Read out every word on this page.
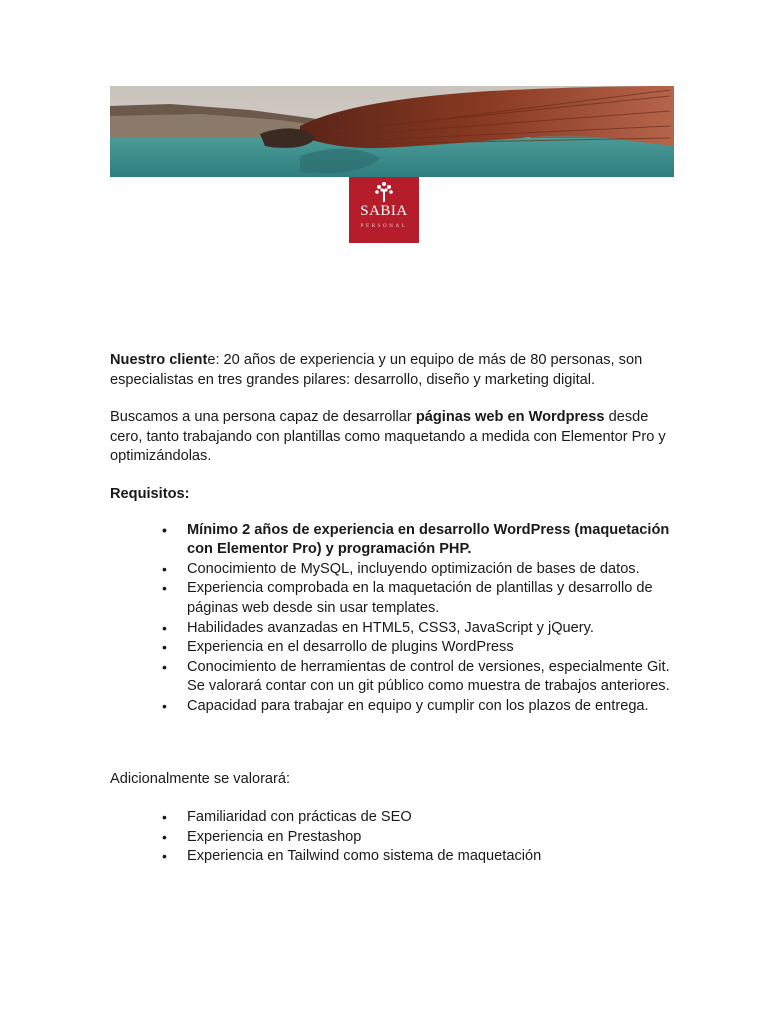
SABIA
PERSONAL

Nuestro cliente: 20 años de experiencia y un equipo de más de 80 personas, son especialistas en tres grandes pilares: desarrollo, diseño y marketing digital.

Buscamos a una persona capaz de desarrollar páginas web en Wordpress desde cero, tanto trabajando con plantillas como maquetando a medida con Elementor Pro y optimizándolas.

Requisitos:

• Mínimo 2 años de experiencia en desarrollo WordPress (maquetación con Elementor Pro) y programación PHP.
• Conocimiento de MySQL, incluyendo optimización de bases de datos.
• Experiencia comprobada en la maquetación de plantillas y desarrollo de páginas web desde sin usar templates.
• Habilidades avanzadas en HTML5, CSS3, JavaScript y jQuery.
• Experiencia en el desarrollo de plugins WordPress
• Conocimiento de herramientas de control de versiones, especialmente Git. Se valorará contar con un git público como muestra de trabajos anteriores.
• Capacidad para trabajar en equipo y cumplir con los plazos de entrega.

Adicionalmente se valorará:

• Familiaridad con prácticas de SEO
• Experiencia en Prestashop
• Experiencia en Tailwind como sistema de maquetación
